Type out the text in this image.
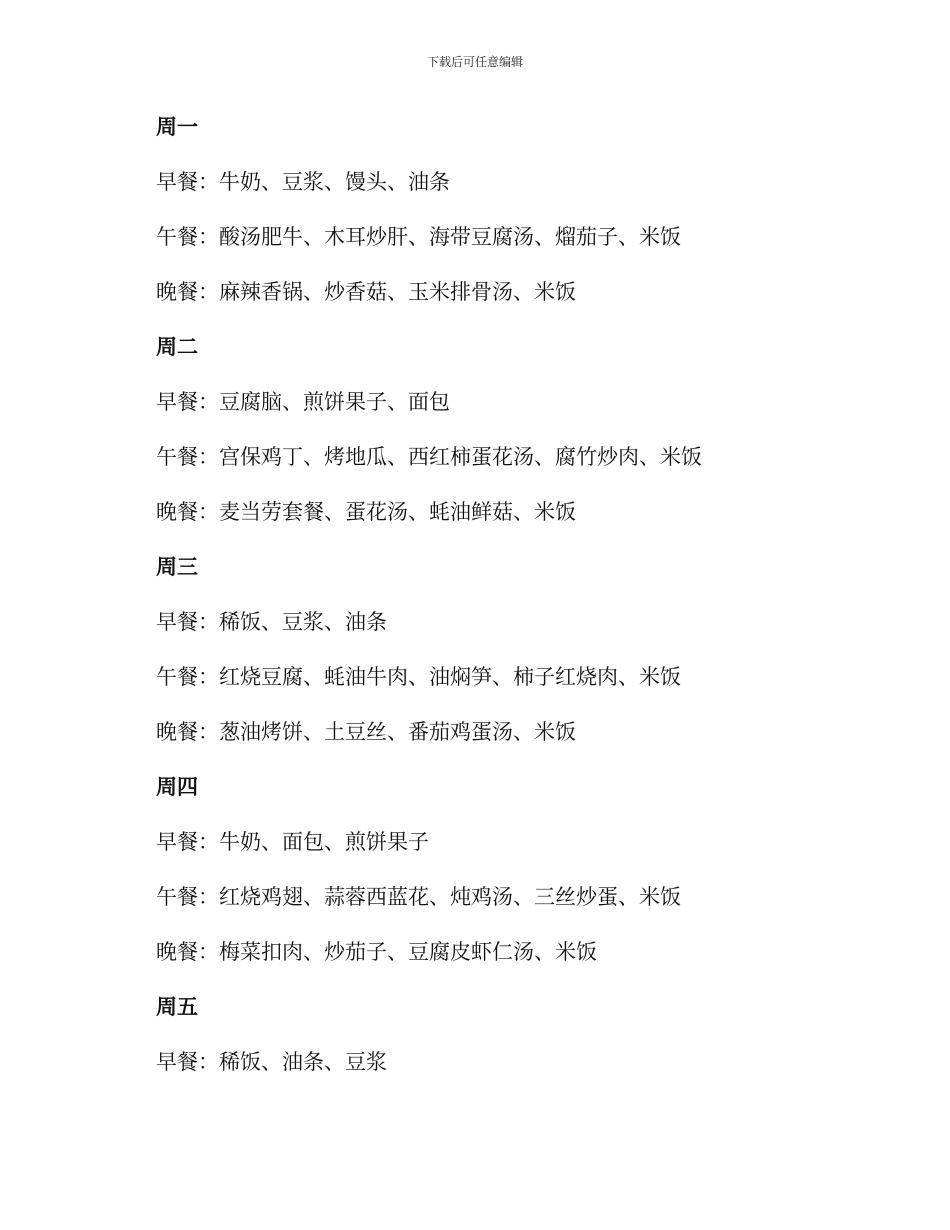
下载后可任意编辑
周一
早餐：牛奶、豆浆、馒头、油条
午餐：酸汤肥牛、木耳炒肝、海带豆腐汤、熘茄子、米饭
晚餐：麻辣香锅、炒香菇、玉米排骨汤、米饭
周二
早餐：豆腐脑、煎饼果子、面包
午餐：宫保鸡丁、烤地瓜、西红柿蛋花汤、腐竹炒肉、米饭
晚餐：麦当劳套餐、蛋花汤、蚝油鲜菇、米饭
周三
早餐：稀饭、豆浆、油条
午餐：红烧豆腐、蚝油牛肉、油焖笋、柿子红烧肉、米饭
晚餐：葱油烤饼、土豆丝、番茄鸡蛋汤、米饭
周四
早餐：牛奶、面包、煎饼果子
午餐：红烧鸡翅、蒜蓉西蓝花、炖鸡汤、三丝炒蛋、米饭
晚餐：梅菜扣肉、炒茄子、豆腐皮虾仁汤、米饭
周五
早餐：稀饭、油条、豆浆
